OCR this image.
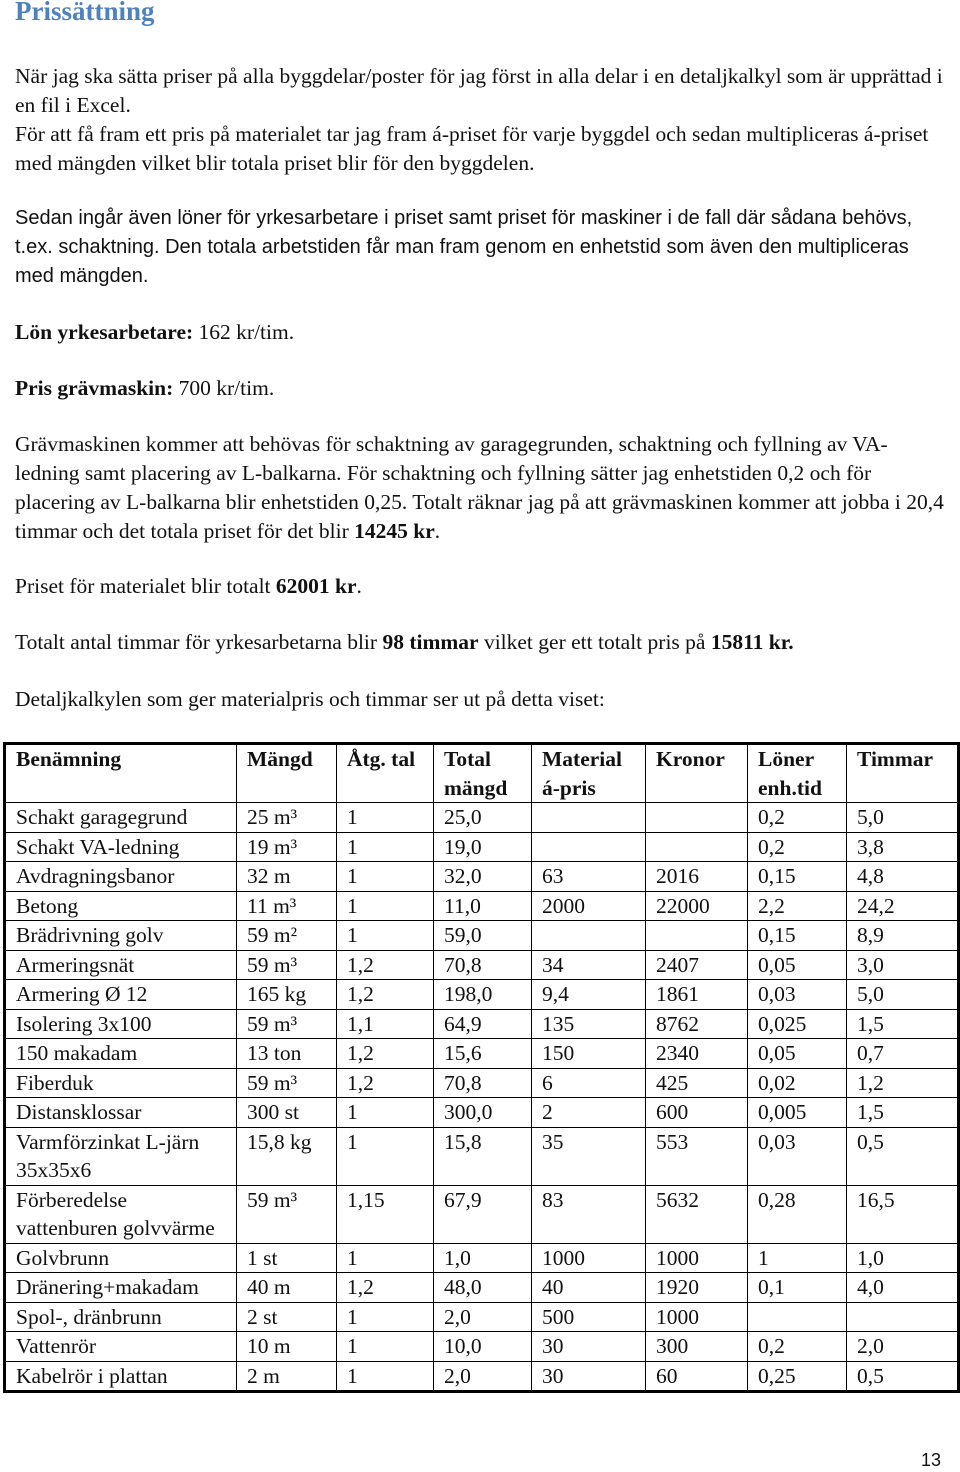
Prissättning

När jag ska sätta priser på alla byggdelar/poster för jag först in alla delar i en detaljkalkyl som är upprättad i en fil i Excel.
För att få fram ett pris på materialet tar jag fram á-priset för varje byggdel och sedan multipliceras á-priset med mängden vilket blir totala priset blir för den byggdelen.

Sedan ingår även löner för yrkesarbetare i priset samt priset för maskiner i de fall där sådana behövs, t.ex. schaktning. Den totala arbetstiden får man fram genom en enhetstid som även den multipliceras med mängden.

Lön yrkesarbetare: 162 kr/tim.

Pris grävmaskin: 700 kr/tim.

Grävmaskinen kommer att behövas för schaktning av garagegrunden, schaktning och fyllning av VA-ledning samt placering av L-balkarna. För schaktning och fyllning sätter jag enhetstiden 0,2 och för placering av L-balkarna blir enhetstiden 0,25. Totalt räknar jag på att grävmaskinen kommer att jobba i 20,4 timmar och det totala priset för det blir 14245 kr.

Priset för materialet blir totalt 62001 kr.

Totalt antal timmar för yrkesarbetarna blir 98 timmar vilket ger ett totalt pris på 15811 kr.

Detaljkalkylen som ger materialpris och timmar ser ut på detta viset:

Benämning	Mängd	Åtg. tal	Total mängd	Material á-pris	Kronor	Löner enh.tid	Timmar
Schakt garagegrund	25 m³	1	25,0			0,2	5,0
Schakt VA-ledning	19 m³	1	19,0			0,2	3,8
Avdragningsbanor	32 m	1	32,0	63	2016	0,15	4,8
Betong	11 m³	1	11,0	2000	22000	2,2	24,2
Brädrivning golv	59 m²	1	59,0			0,15	8,9
Armeringsnät	59 m³	1,2	70,8	34	2407	0,05	3,0
Armering Ø 12	165 kg	1,2	198,0	9,4	1861	0,03	5,0
Isolering 3x100	59 m³	1,1	64,9	135	8762	0,025	1,5
150 makadam	13 ton	1,2	15,6	150	2340	0,05	0,7
Fiberduk	59 m³	1,2	70,8	6	425	0,02	1,2
Distansklossar	300 st	1	300,0	2	600	0,005	1,5
Varmförzinkat L-järn 35x35x6	15,8 kg	1	15,8	35	553	0,03	0,5
Förberedelse vattenburen golvvärme	59 m³	1,15	67,9	83	5632	0,28	16,5
Golvbrunn	1 st	1	1,0	1000	1000	1	1,0
Dränering+makadam	40 m	1,2	48,0	40	1920	0,1	4,0
Spol-, dränbrunn	2 st	1	2,0	500	1000		
Vattenrör	10 m	1	10,0	30	300	0,2	2,0
Kabelrör i plattan	2 m	1	2,0	30	60	0,25	0,5
13
